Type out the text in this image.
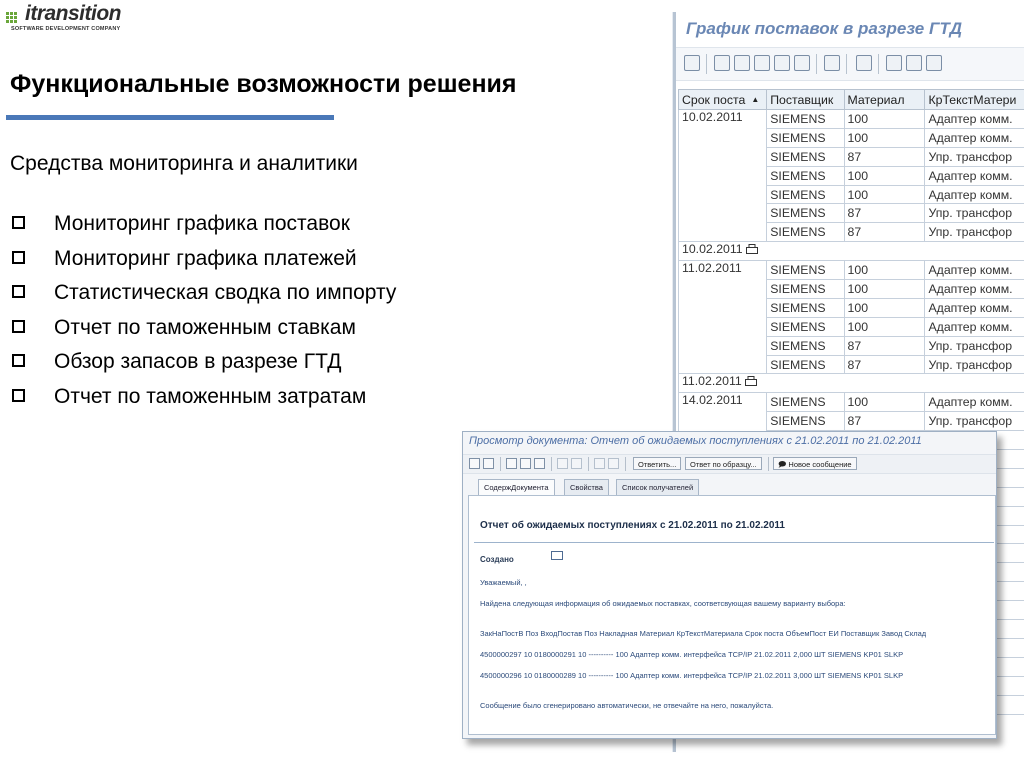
itransition
SOFTWARE DEVELOPMENT COMPANY
Функциональные возможности решения
Средства мониторинга и аналитики
Мониторинг графика поставок
Мониторинг графика платежей
Статистическая сводка по импорту
Отчет по таможенным ставкам
Обзор запасов в разрезе ГТД
Отчет по таможенным затратам
График поставок в разрезе ГТД
Срок поста ▲	Поставщик	Материал	КрТекстМатери
10.02.2011	SIEMENS	100	Адаптер комм.
	SIEMENS	100	Адаптер комм.
	SIEMENS	87	Упр. трансфор
	SIEMENS	100	Адаптер комм.
	SIEMENS	100	Адаптер комм.
	SIEMENS	87	Упр. трансфор
	SIEMENS	87	Упр. трансфор
10.02.2011			
11.02.2011	SIEMENS	100	Адаптер комм.
	SIEMENS	100	Адаптер комм.
	SIEMENS	100	Адаптер комм.
	SIEMENS	100	Адаптер комм.
	SIEMENS	87	Упр. трансфор
	SIEMENS	87	Упр. трансфор
11.02.2011			
14.02.2011	SIEMENS	100	Адаптер комм.
	SIEMENS	87	Упр. трансфор

Просмотр документа: Отчет об ожидаемых поступлениях с 21.02.2011 по 21.02.2011
Ответить...	Ответ по образцу...	🗩 Новое сообщение
СодержДокумента	Свойства	Список получателей
Отчет об ожидаемых поступлениях с 21.02.2011 по 21.02.2011
Создано
Уважаемый, ,
Найдена следующая информация об ожидаемых поставках, соответсвующая вашему варианту выбора:
ЗакНаПостВ Поз ВходПостав Поз Накладная Материал КрТекстМатериала Срок поста ОбъемПост ЕИ Поставщик Завод Склад
4500000297 10 0180000291 10 ---------- 100 Адаптер комм. интерфейса TCP/IP 21.02.2011 2,000 ШТ SIEMENS KP01 SLKP
4500000296 10 0180000289 10 ---------- 100 Адаптер комм. интерфейса TCP/IP 21.02.2011 3,000 ШТ SIEMENS KP01 SLKP
Сообщение было сгенерировано автоматически, не отвечайте на него, пожалуйста.
